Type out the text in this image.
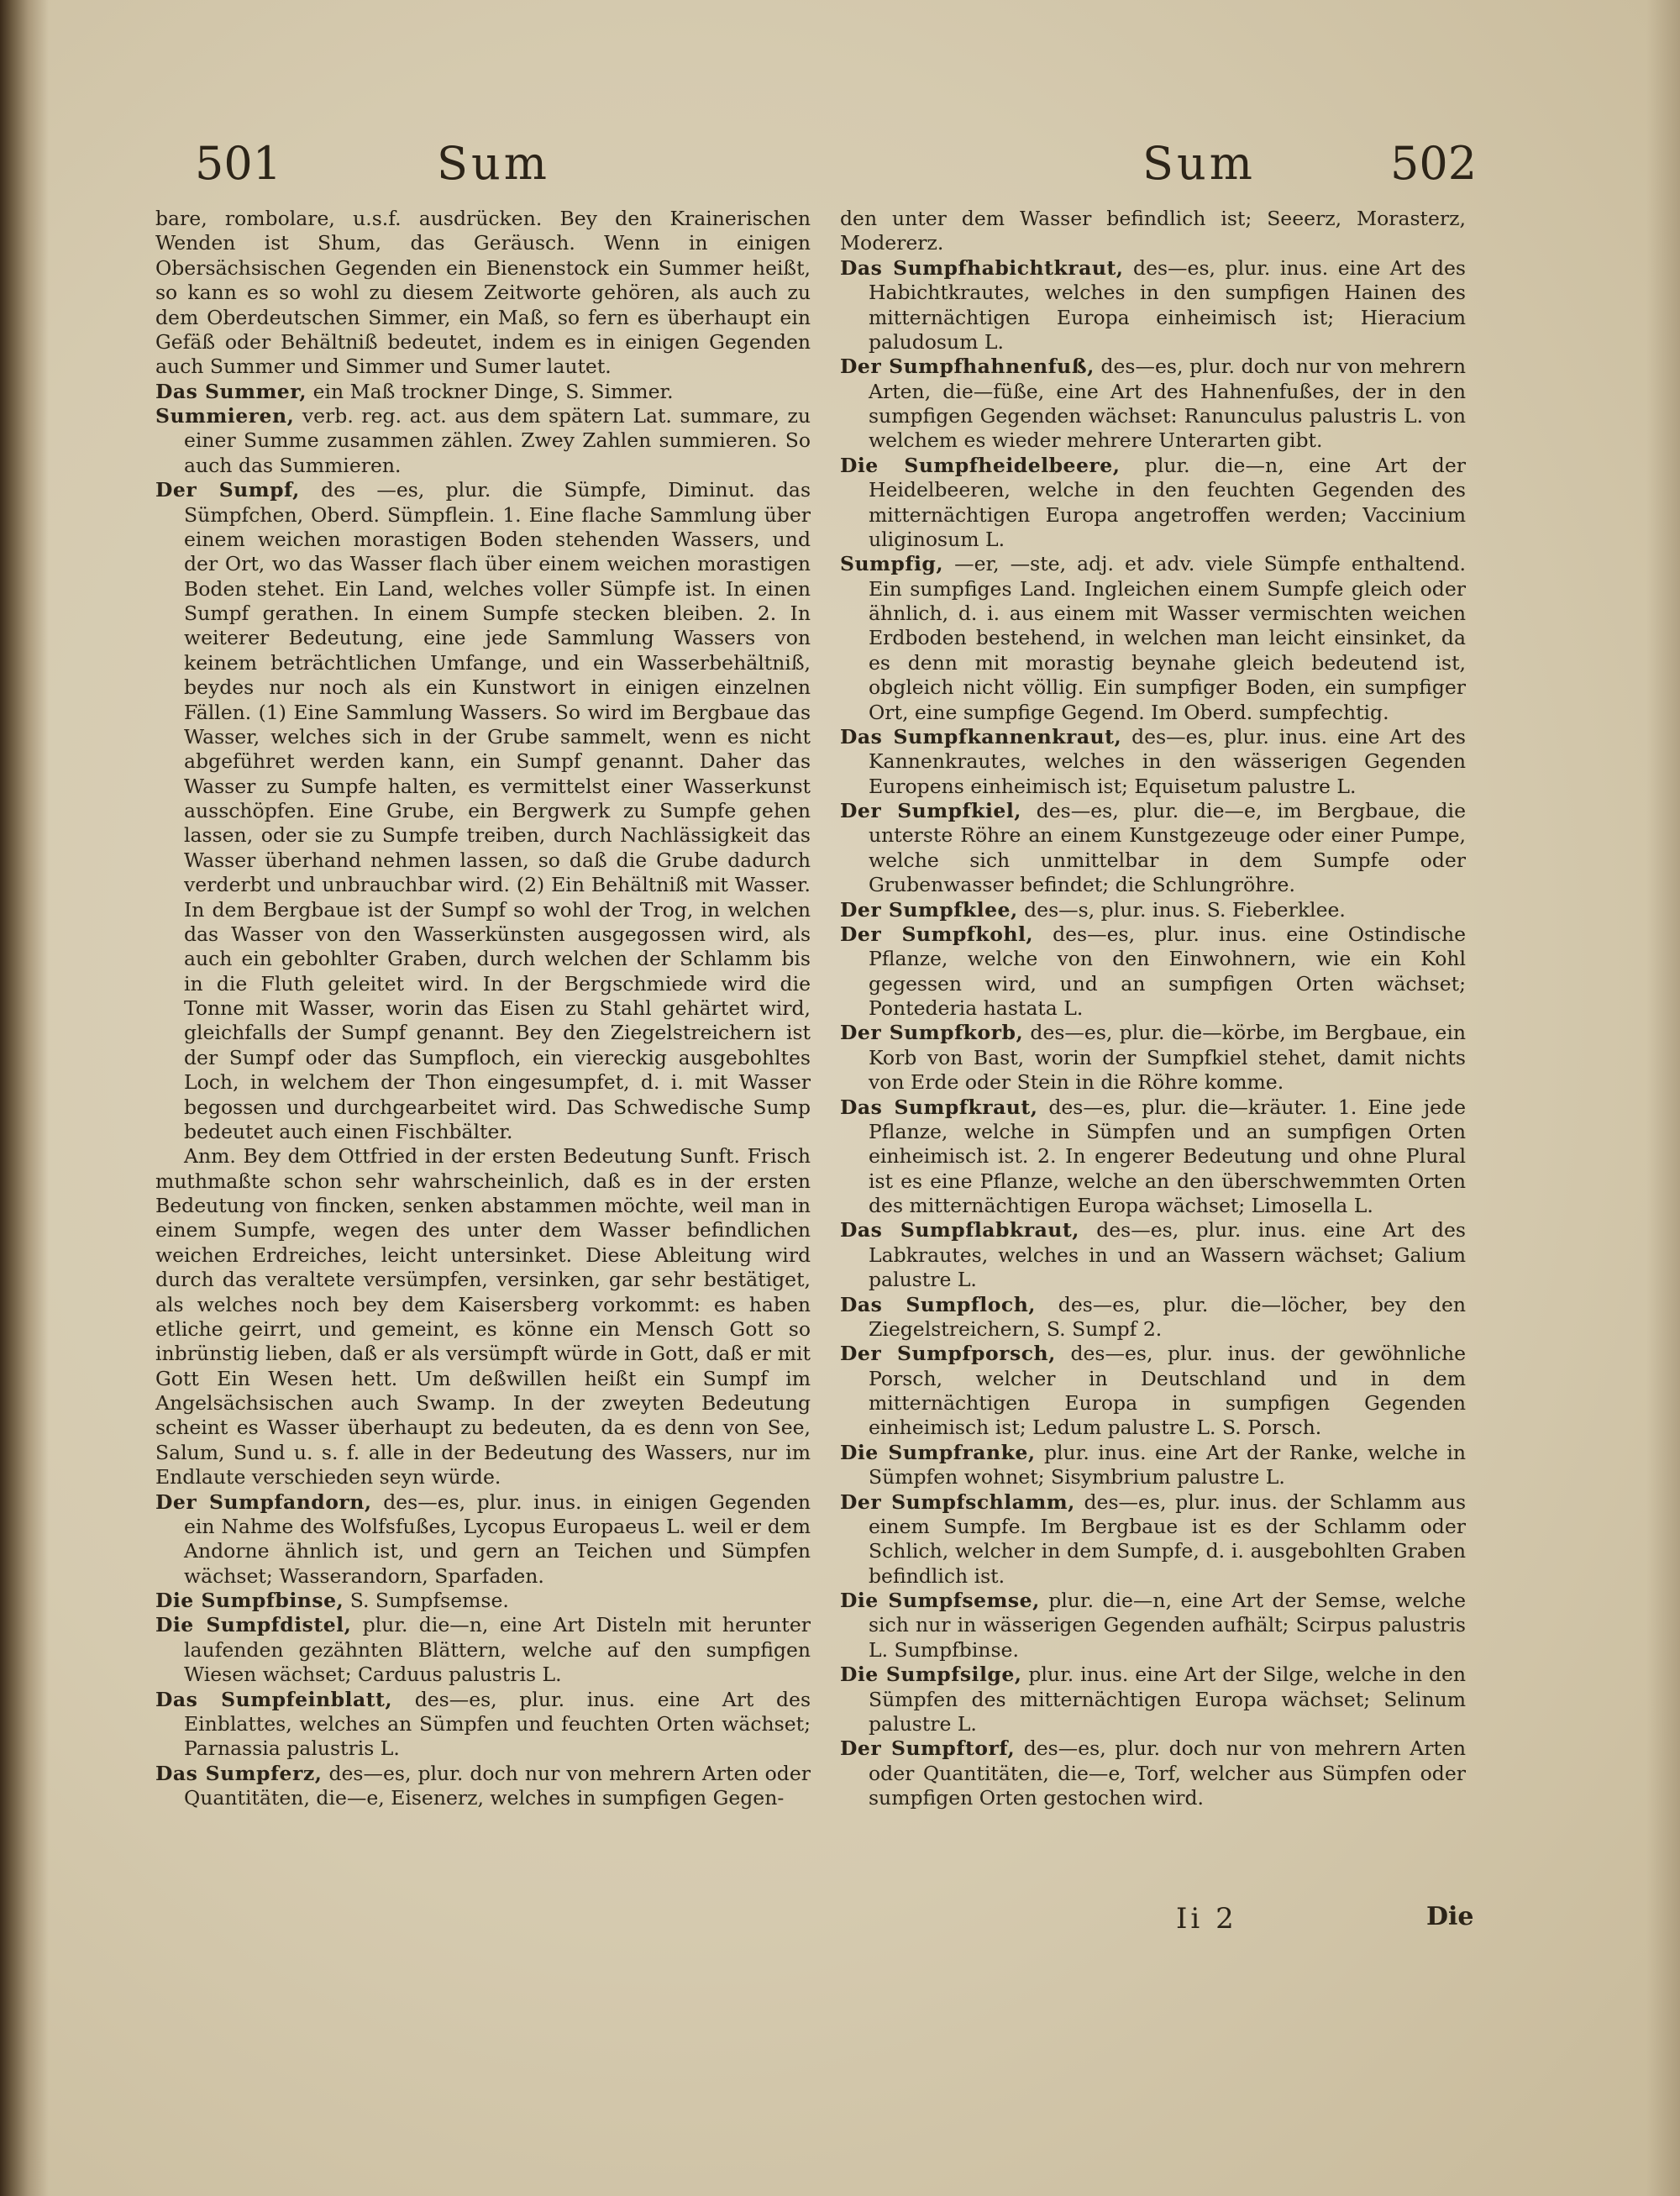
501	Sum	Sum	502

bare, rombolare, u.s.f. ausdrücken. Bey den Krainerischen Wenden ist Shum, das Geräusch. Wenn in einigen Obersächsischen Gegenden ein Bienenstock ein Summer heißt, so kann es so wohl zu diesem Zeitworte gehören, als auch zu dem Oberdeutschen Simmer, ein Maß, so fern es überhaupt ein Gefäß oder Behältniß bedeutet, indem es in einigen Gegenden auch Summer und Simmer und Sumer lautet.

Das Summer, ein Maß trockner Dinge, S. Simmer.

Summieren, verb. reg. act. aus dem spätern Lat. summare, zu einer Summe zusammen zählen. Zwey Zahlen summieren. So auch das Summieren.

Der Sumpf, des —es, plur. die Sümpfe, Diminut. das Sümpfchen, Oberd. Sümpflein. 1. Eine flache Sammlung über einem weichen morastigen Boden stehenden Wassers, und der Ort, wo das Wasser flach über einem weichen morastigen Boden stehet. Ein Land, welches voller Sümpfe ist. In einen Sumpf gerathen. In einem Sumpfe stecken bleiben. 2. In weiterer Bedeutung, eine jede Sammlung Wassers von keinem beträchtlichen Umfange, und ein Wasserbehältniß, beydes nur noch als ein Kunstwort in einigen einzelnen Fällen. (1) Eine Sammlung Wassers. So wird im Bergbaue das Wasser, welches sich in der Grube sammelt, wenn es nicht abgeführet werden kann, ein Sumpf genannt. Daher das Wasser zu Sumpfe halten, es vermittelst einer Wasserkunst ausschöpfen. Eine Grube, ein Bergwerk zu Sumpfe gehen lassen, oder sie zu Sumpfe treiben, durch Nachlässigkeit das Wasser überhand nehmen lassen, so daß die Grube dadurch verderbt und unbrauchbar wird. (2) Ein Behältniß mit Wasser. In dem Bergbaue ist der Sumpf so wohl der Trog, in welchen das Wasser von den Wasserkünsten ausgegossen wird, als auch ein gebohlter Graben, durch welchen der Schlamm bis in die Fluth geleitet wird. In der Bergschmiede wird die Tonne mit Wasser, worin das Eisen zu Stahl gehärtet wird, gleichfalls der Sumpf genannt. Bey den Ziegelstreichern ist der Sumpf oder das Sumpfloch, ein viereckig ausgebohltes Loch, in welchem der Thon eingesumpfet, d. i. mit Wasser begossen und durchgearbeitet wird. Das Schwedische Sump bedeutet auch einen Fischbälter.

Anm. Bey dem Ottfried in der ersten Bedeutung Sunft. Frisch muthmaßte schon sehr wahrscheinlich, daß es in der ersten Bedeutung von fincken, senken abstammen möchte, weil man in einem Sumpfe, wegen des unter dem Wasser befindlichen weichen Erdreiches, leicht untersinket. Diese Ableitung wird durch das veraltete versümpfen, versinken, gar sehr bestätiget, als welches noch bey dem Kaisersberg vorkommt: es haben etliche geirrt, und gemeint, es könne ein Mensch Gott so inbrünstig lieben, daß er als versümpft würde in Gott, daß er mit Gott Ein Wesen hett. Um deßwillen heißt ein Sumpf im Angelsächsischen auch Swamp. In der zweyten Bedeutung scheint es Wasser überhaupt zu bedeuten, da es denn von See, Salum, Sund u. s. f. alle in der Bedeutung des Wassers, nur im Endlaute verschieden seyn würde.

Der Sumpfandorn, des—es, plur. inus. in einigen Gegenden ein Nahme des Wolfsfußes, Lycopus Europaeus L. weil er dem Andorne ähnlich ist, und gern an Teichen und Sümpfen wächset; Wasserandorn, Sparfaden.

Die Sumpfbinse, S. Sumpfsemse.

Die Sumpfdistel, plur. die—n, eine Art Disteln mit herunter laufenden gezähnten Blättern, welche auf den sumpfigen Wiesen wächset; Carduus palustris L.

Das Sumpfeinblatt, des—es, plur. inus. eine Art des Einblattes, welches an Sümpfen und feuchten Orten wächset; Parnassia palustris L.

Das Sumpferz, des—es, plur. doch nur von mehrern Arten oder Quantitäten, die—e, Eisenerz, welches in sumpfigen Gegen-

den unter dem Wasser befindlich ist; Seeerz, Morasterz, Modererz.

Das Sumpfhabichtkraut, des—es, plur. inus. eine Art des Habichtkrautes, welches in den sumpfigen Hainen des mitternächtigen Europa einheimisch ist; Hieracium paludosum L.

Der Sumpfhahnenfuß, des—es, plur. doch nur von mehrern Arten, die—füße, eine Art des Hahnenfußes, der in den sumpfigen Gegenden wächset: Ranunculus palustris L. von welchem es wieder mehrere Unterarten gibt.

Die Sumpfheidelbeere, plur. die—n, eine Art der Heidelbeeren, welche in den feuchten Gegenden des mitternächtigen Europa angetroffen werden; Vaccinium uliginosum L.

Sumpfig, —er, —ste, adj. et adv. viele Sümpfe enthaltend. Ein sumpfiges Land. Ingleichen einem Sumpfe gleich oder ähnlich, d. i. aus einem mit Wasser vermischten weichen Erdboden bestehend, in welchen man leicht einsinket, da es denn mit morastig beynahe gleich bedeutend ist, obgleich nicht völlig. Ein sumpfiger Boden, ein sumpfiger Ort, eine sumpfige Gegend. Im Oberd. sumpfechtig.

Das Sumpfkannenkraut, des—es, plur. inus. eine Art des Kannenkrautes, welches in den wässerigen Gegenden Europens einheimisch ist; Equisetum palustre L.

Der Sumpfkiel, des—es, plur. die—e, im Bergbaue, die unterste Röhre an einem Kunstgezeuge oder einer Pumpe, welche sich unmittelbar in dem Sumpfe oder Grubenwasser befindet; die Schlungröhre.

Der Sumpfklee, des—s, plur. inus. S. Fieberklee.

Der Sumpfkohl, des—es, plur. inus. eine Ostindische Pflanze, welche von den Einwohnern, wie ein Kohl gegessen wird, und an sumpfigen Orten wächset; Pontederia hastata L.

Der Sumpfkorb, des—es, plur. die—körbe, im Bergbaue, ein Korb von Bast, worin der Sumpfkiel stehet, damit nichts von Erde oder Stein in die Röhre komme.

Das Sumpfkraut, des—es, plur. die—kräuter. 1. Eine jede Pflanze, welche in Sümpfen und an sumpfigen Orten einheimisch ist. 2. In engerer Bedeutung und ohne Plural ist es eine Pflanze, welche an den überschwemmten Orten des mitternächtigen Europa wächset; Limosella L.

Das Sumpflabkraut, des—es, plur. inus. eine Art des Labkrautes, welches in und an Wassern wächset; Galium palustre L.

Das Sumpfloch, des—es, plur. die—löcher, bey den Ziegelstreichern, S. Sumpf 2.

Der Sumpfporsch, des—es, plur. inus. der gewöhnliche Porsch, welcher in Deutschland und in dem mitternächtigen Europa in sumpfigen Gegenden einheimisch ist; Ledum palustre L. S. Porsch.

Die Sumpfranke, plur. inus. eine Art der Ranke, welche in Sümpfen wohnet; Sisymbrium palustre L.

Der Sumpfschlamm, des—es, plur. inus. der Schlamm aus einem Sumpfe. Im Bergbaue ist es der Schlamm oder Schlich, welcher in dem Sumpfe, d. i. ausgebohlten Graben befindlich ist.

Die Sumpfsemse, plur. die—n, eine Art der Semse, welche sich nur in wässerigen Gegenden aufhält; Scirpus palustris L. Sumpfbinse.

Die Sumpfsilge, plur. inus. eine Art der Silge, welche in den Sümpfen des mitternächtigen Europa wächset; Selinum palustre L.

Der Sumpftorf, des—es, plur. doch nur von mehrern Arten oder Quantitäten, die—e, Torf, welcher aus Sümpfen oder sumpfigen Orten gestochen wird.

Ii 2	Die
